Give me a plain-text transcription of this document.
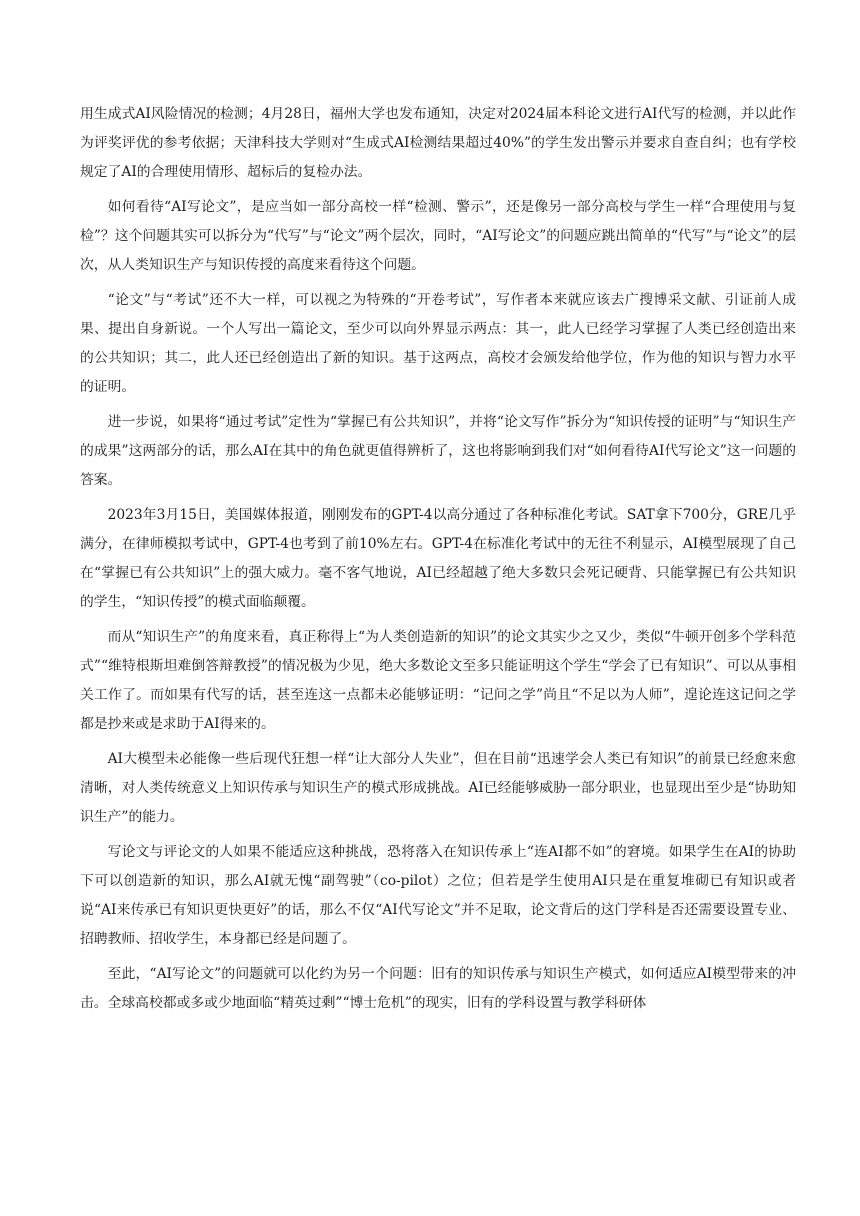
用生成式AI风险情况的检测；4月28日，福州大学也发布通知，决定对2024届本科论文进行AI代写的检测，并以此作为评奖评优的参考依据；天津科技大学则对“生成式AI检测结果超过40%”的学生发出警示并要求自查自纠；也有学校规定了AI的合理使用情形、超标后的复检办法。

如何看待“AI写论文”，是应当如一部分高校一样“检测、警示”，还是像另一部分高校与学生一样“合理使用与复检”？这个问题其实可以拆分为“代写”与“论文”两个层次，同时，“AI写论文”的问题应跳出简单的“代写”与“论文”的层次，从人类知识生产与知识传授的高度来看待这个问题。

“论文”与“考试”还不大一样，可以视之为特殊的“开卷考试”，写作者本来就应该去广搜博采文献、引证前人成果、提出自身新说。一个人写出一篇论文，至少可以向外界显示两点：其一，此人已经学习掌握了人类已经创造出来的公共知识；其二，此人还已经创造出了新的知识。基于这两点，高校才会颁发给他学位，作为他的知识与智力水平的证明。

进一步说，如果将“通过考试”定性为“掌握已有公共知识”，并将“论文写作”拆分为“知识传授的证明”与“知识生产的成果”这两部分的话，那么AI在其中的角色就更值得辨析了，这也将影响到我们对“如何看待AI代写论文”这一问题的答案。

2023年3月15日，美国媒体报道，刚刚发布的GPT-4以高分通过了各种标准化考试。SAT拿下700分，GRE几乎满分，在律师模拟考试中，GPT-4也考到了前10%左右。GPT-4在标准化考试中的无往不利显示，AI模型展现了自己在“掌握已有公共知识”上的强大威力。毫不客气地说，AI已经超越了绝大多数只会死记硬背、只能掌握已有公共知识的学生，“知识传授”的模式面临颠覆。

而从“知识生产”的角度来看，真正称得上“为人类创造新的知识”的论文其实少之又少，类似“牛顿开创多个学科范式”“维特根斯坦难倒答辩教授”的情况极为少见，绝大多数论文至多只能证明这个学生“学会了已有知识”、可以从事相关工作了。而如果有代写的话，甚至连这一点都未必能够证明：“记问之学”尚且“不足以为人师”，遑论连这记问之学都是抄来或是求助于AI得来的。

AI大模型未必能像一些后现代狂想一样“让大部分人失业”，但在目前“迅速学会人类已有知识”的前景已经愈来愈清晰，对人类传统意义上知识传承与知识生产的模式形成挑战。AI已经能够威胁一部分职业，也显现出至少是“协助知识生产”的能力。

写论文与评论文的人如果不能适应这种挑战，恐将落入在知识传承上“连AI都不如”的窘境。如果学生在AI的协助下可以创造新的知识，那么AI就无愧“副驾驶”（co-pilot）之位；但若是学生使用AI只是在重复堆砌已有知识或者说“AI来传承已有知识更快更好”的话，那么不仅“AI代写论文”并不足取，论文背后的这门学科是否还需要设置专业、招聘教师、招收学生，本身都已经是问题了。

至此，“AI写论文”的问题就可以化约为另一个问题：旧有的知识传承与知识生产模式，如何适应AI模型带来的冲击。全球高校都或多或少地面临“精英过剩”“博士危机”的现实，旧有的学科设置与教学科研体
